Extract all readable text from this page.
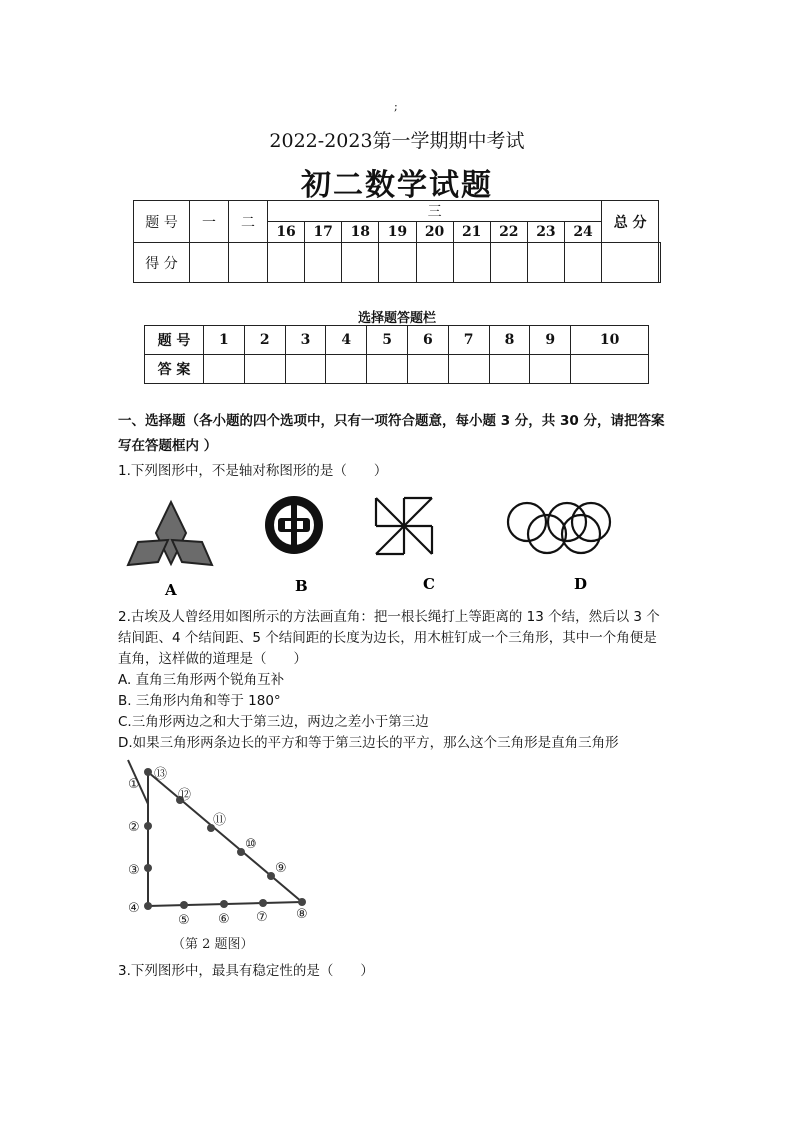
;
2022-2023第一学期期中考试
初二数学试题
题 号	一	二	三									总 分	
			16	17	18	19	20	21	22	23	24		
得 分													
选择题答题栏
题 号	1	2	3	4	5	6	7	8	9	10
答 案										
一、选择题（各小题的四个选项中，只有一项符合题意，每小题 3 分，共 30 分，请把答案
写在答题框内 ）
1.下列图形中，不是轴对称图形的是（　　）
A	B	C	D
2.古埃及人曾经用如图所示的方法画直角：把一根长绳打上等距离的 13 个结，然后以 3 个
结间距、4 个结间距、5 个结间距的长度为边长，用木桩钉成一个三角形，其中一个角便是
直角，这样做的道理是（　　）
A. 直角三角形两个锐角互补
B. 三角形内角和等于 180°
C.三角形两边之和大于第三边，两边之差小于第三边
D.如果三角形两条边长的平方和等于第三边长的平方，那么这个三角形是直角三角形
①
②
③
④
⑤ ⑥ ⑦ ⑧
⑨
⑩
⑪
⑫
⑬
（第 2 题图）
3.下列图形中，最具有稳定性的是（　　）
